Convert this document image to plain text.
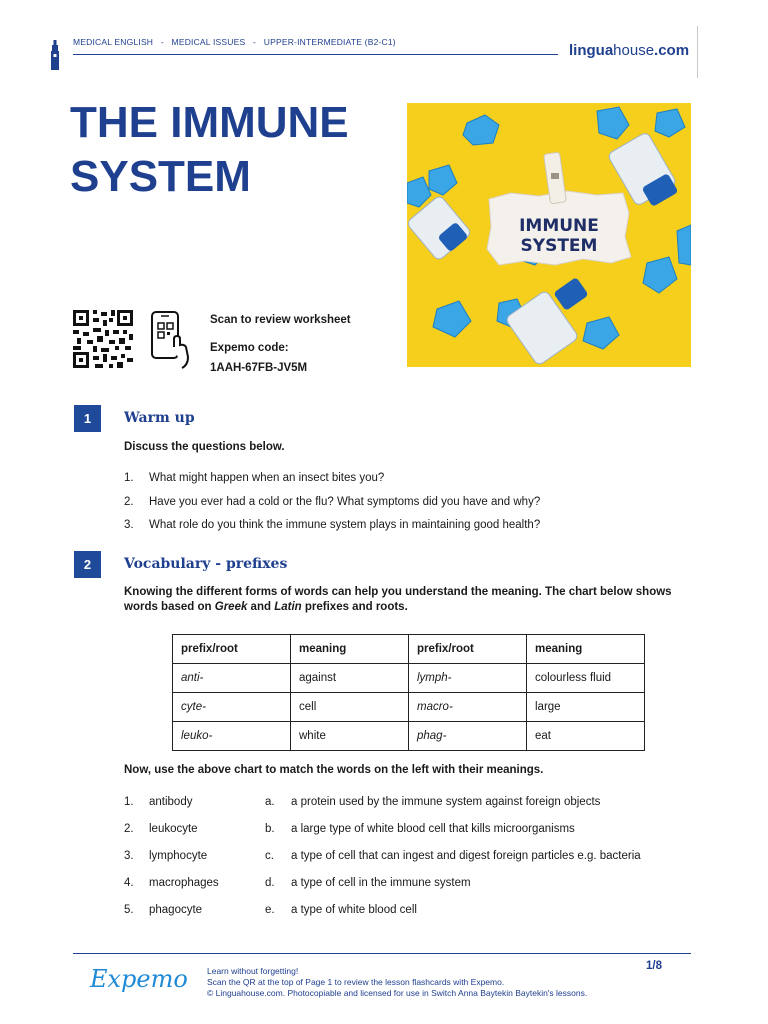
MEDICAL ENGLISH   -   MEDICAL ISSUES   -   UPPER-INTERMEDIATE (B2-C1)	linguahouse.com
THE IMMUNE SYSTEM
Scan to review worksheet
Expemo code:
1AAH-67FB-JV5M
IMMUNE
SYSTEM
1	Warm up
Discuss the questions below.
1. What might happen when an insect bites you?
2. Have you ever had a cold or the flu? What symptoms did you have and why?
3. What role do you think the immune system plays in maintaining good health?
2	Vocabulary - prefixes
Knowing the different forms of words can help you understand the meaning. The chart below shows words based on Greek and Latin prefixes and roots.
prefix/root	meaning	prefix/root	meaning
anti-	against	lymph-	colourless fluid
cyte-	cell	macro-	large
leuko-	white	phag-	eat
Now, use the above chart to match the words on the left with their meanings.
1. antibody	a. a protein used by the immune system against foreign objects
2. leukocyte	b. a large type of white blood cell that kills microorganisms
3. lymphocyte	c. a type of cell that can ingest and digest foreign particles e.g. bacteria
4. macrophages	d. a type of cell in the immune system
5. phagocyte	e. a type of white blood cell
Expemo Learn without forgetting!
Scan the QR at the top of Page 1 to review the lesson flashcards with Expemo.
© Linguahouse.com. Photocopiable and licensed for use in Switch Anna Baytekin Baytekin's lessons.
1/8
